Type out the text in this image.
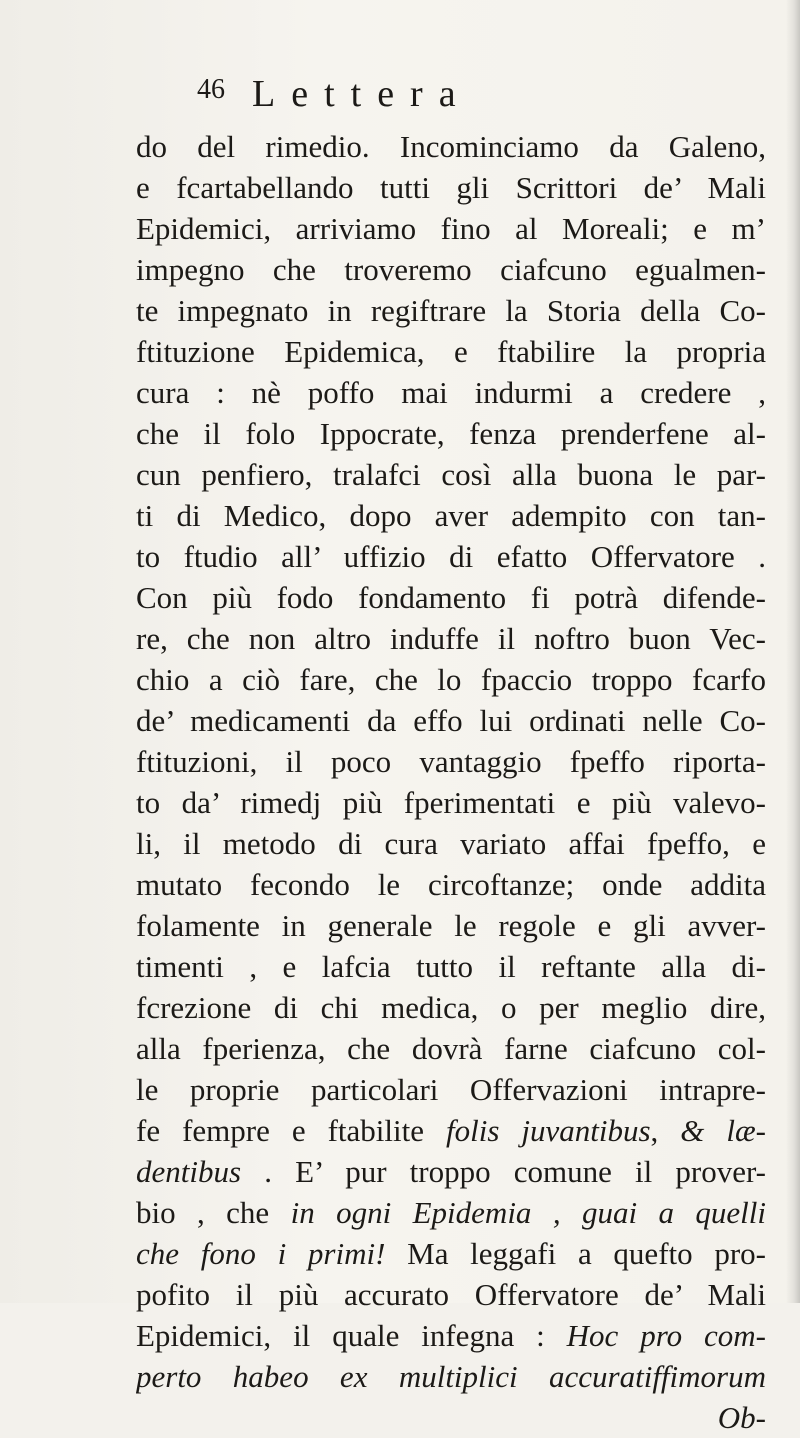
46 Lettera
do del rimedio. Incominciamo da Galeno,
e fcartabellando tutti gli Scrittori de’ Mali
Epidemici, arriviamo fino al Moreali; e m’
impegno che troveremo ciafcuno egualmen-
te impegnato in regiftrare la Storia della Co-
ftituzione Epidemica, e ftabilire la propria
cura : nè poffo mai indurmi a credere ,
che il folo Ippocrate, fenza prenderfene al-
cun penfiero, tralafci così alla buona le par-
ti di Medico, dopo aver adempito con tan-
to ftudio all’ uffizio di efatto Offervatore .
Con più fodo fondamento fi potrà difende-
re, che non altro induffe il noftro buon Vec-
chio a ciò fare, che lo fpaccio troppo fcarfo
de’ medicamenti da effo lui ordinati nelle Co-
ftituzioni, il poco vantaggio fpeffo riporta-
to da’ rimedj più fperimentati e più valevo-
li, il metodo di cura variato affai fpeffo, e
mutato fecondo le circoftanze; onde addita
folamente in generale le regole e gli avver-
timenti , e lafcia tutto il reftante alla di-
fcrezione di chi medica, o per meglio dire,
alla fperienza, che dovrà farne ciafcuno col-
le proprie particolari Offervazioni intrapre-
fe fempre e ftabilite folis juvantibus, & læ-
dentibus . E’ pur troppo comune il prover-
bio , che in ogni Epidemia , guai a quelli
che fono i primi! Ma leggafi a quefto pro-
pofito il più accurato Offervatore de’ Mali
Epidemici, il quale infegna : Hoc pro com-
perto habeo ex multiplici accuratiffimorum
Ob-
